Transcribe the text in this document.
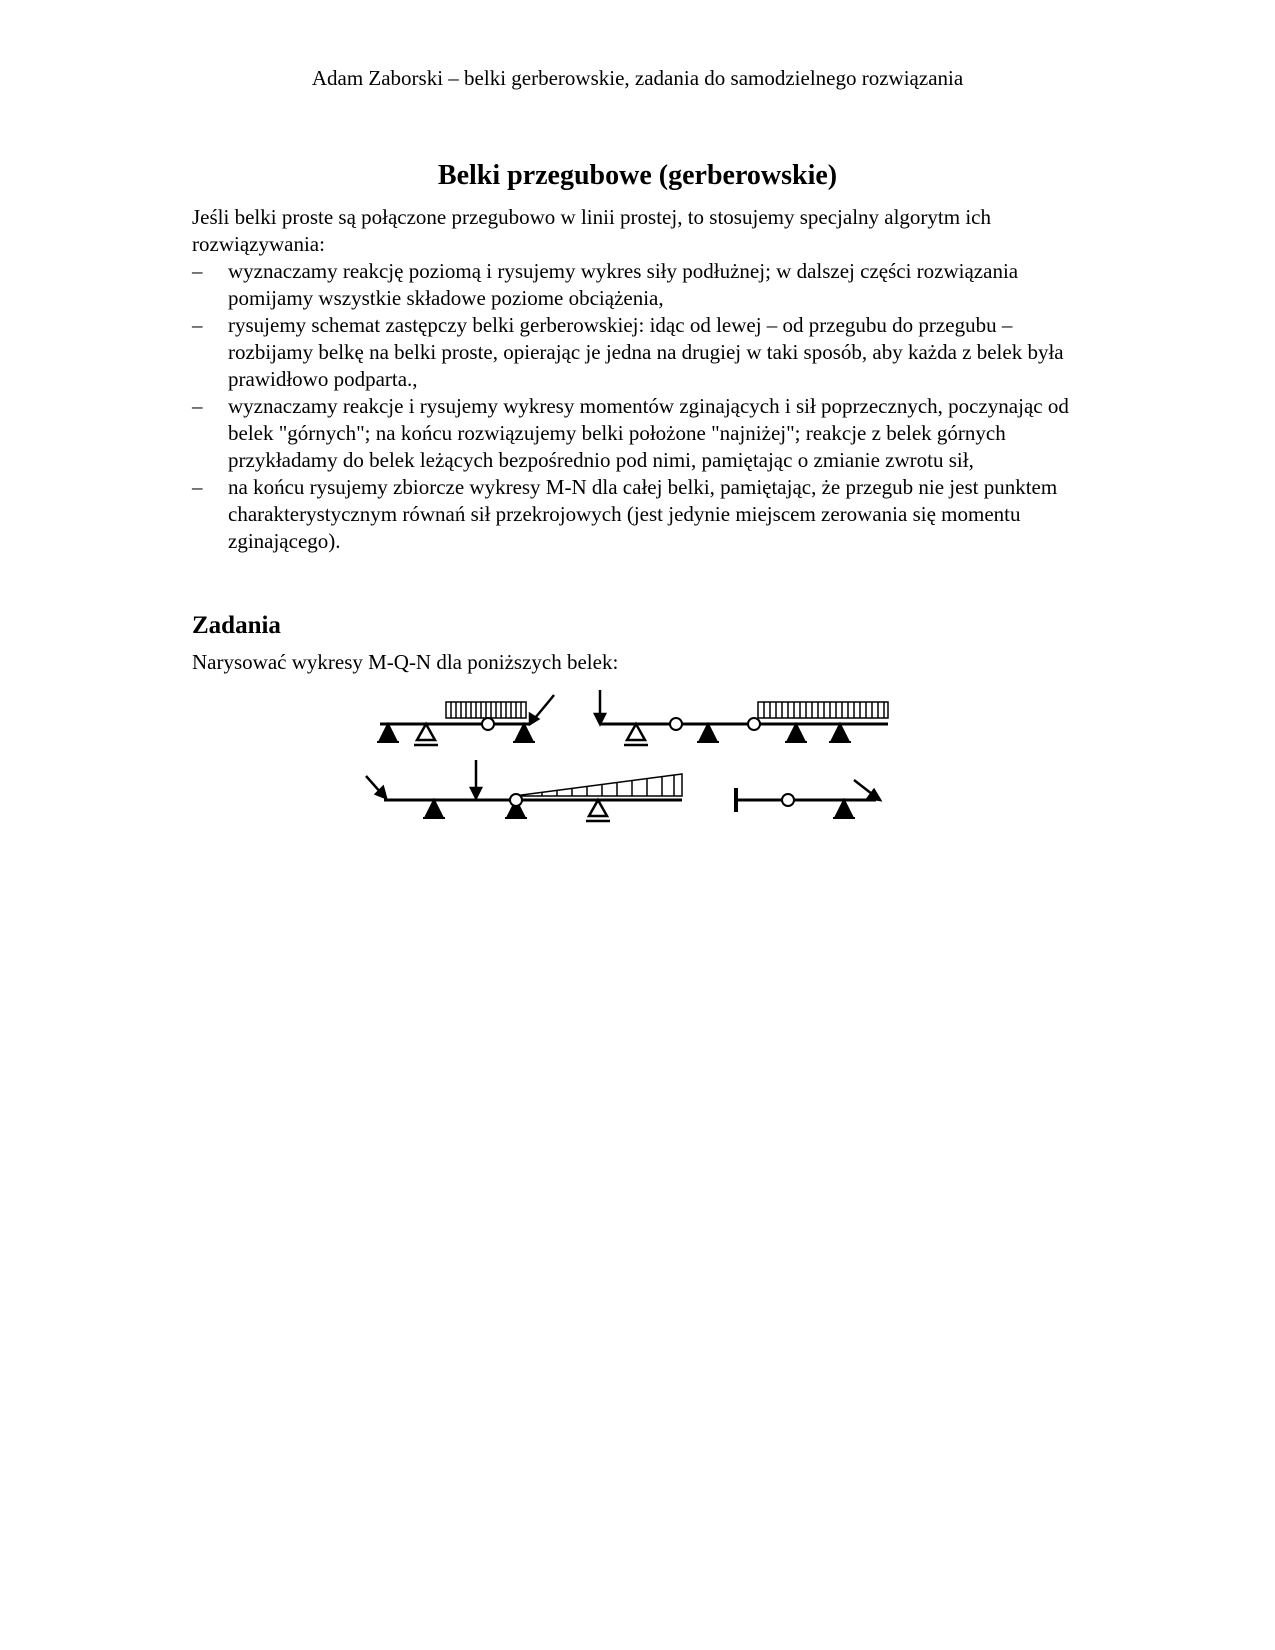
Adam Zaborski – belki gerberowskie, zadania do samodzielnego rozwiązania
Belki przegubowe (gerberowskie)
Jeśli belki proste są połączone przegubowo w linii prostej, to stosujemy specjalny algorytm ich rozwiązywania:
– wyznaczamy reakcję poziomą i rysujemy wykres siły podłużnej; w dalszej części rozwiązania pomijamy wszystkie składowe poziome obciążenia,
– rysujemy schemat zastępczy belki gerberowskiej: idąc od lewej – od przegubu do przegubu – rozbijamy belkę na belki proste, opierając je jedna na drugiej w taki sposób, aby każda z belek była prawidłowo podparta.,
– wyznaczamy reakcje i rysujemy wykresy momentów zginających i sił poprzecznych, poczynając od belek "górnych"; na końcu rozwiązujemy belki położone "najniżej"; reakcje z belek górnych przykładamy do belek leżących bezpośrednio pod nimi, pamiętając o zmianie zwrotu sił,
– na końcu rysujemy zbiorcze wykresy M-N dla całej belki, pamiętając, że przegub nie jest punktem charakterystycznym równań sił przekrojowych (jest jedynie miejscem zerowania się momentu zginającego).
Zadania
Narysować wykresy M-Q-N dla poniższych belek:
